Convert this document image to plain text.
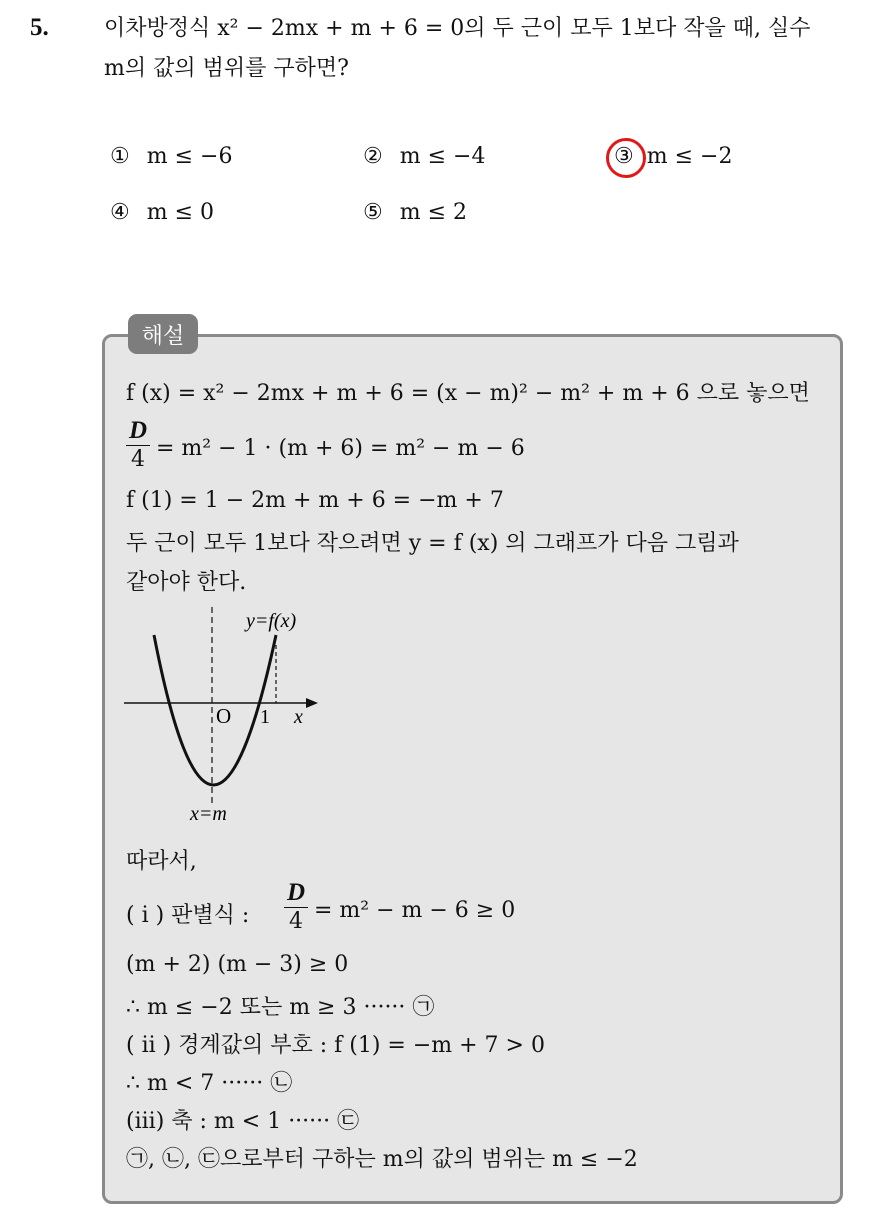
5.	이차방정식 x² − 2mx + m + 6 = 0의 두 근이 모두 1보다 작을 때, 실수
m의 값의 범위를 구하면?
① m ≤ −6	② m ≤ −4	③ m ≤ −2
④ m ≤ 0	⑤ m ≤ 2
해설
f (x) = x² − 2mx + m + 6 = (x − m)² − m² + m + 6 으로 놓으면
D
4 = m² − 1 · (m + 6) = m² − m − 6
f (1) = 1 − 2m + m + 6 = −m + 7
두 근이 모두 1보다 작으려면 y = f (x) 의 그래프가 다음 그림과
같아야 한다.
y=f(x)
O 1 x
x=m
따라서,
( i ) 판별식 :
D
4 = m² − m − 6 ≥ 0
(m + 2) (m − 3) ≥ 0
∴ m ≤ −2 또는 m ≥ 3 ······ ㉠
( ii ) 경계값의 부호 : f (1) = −m + 7 > 0
∴ m < 7 ······ ㉡
(iii) 축 : m < 1 ······ ㉢
㉠, ㉡, ㉢으로부터 구하는 m의 값의 범위는 m ≤ −2
